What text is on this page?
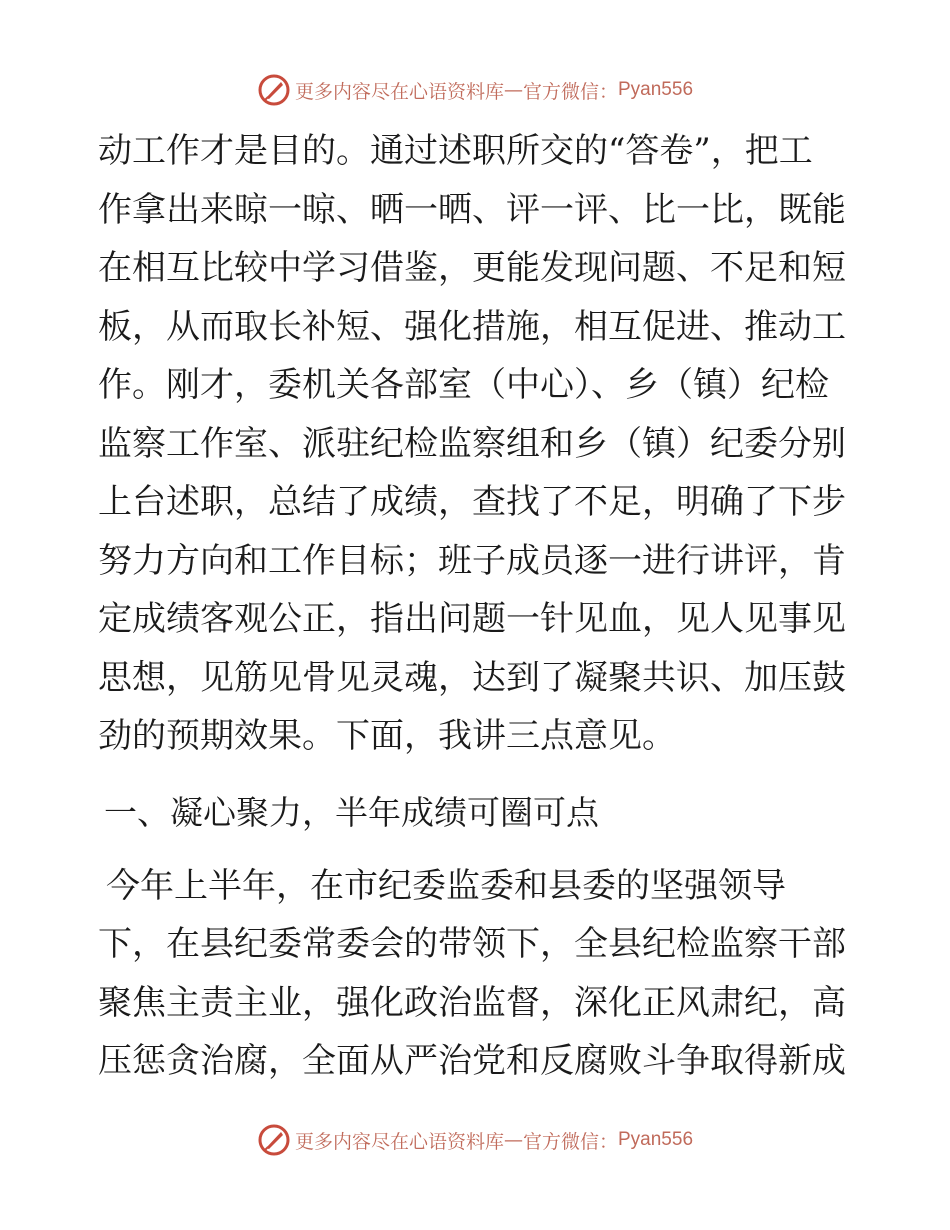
更多内容尽在心语资料库 — 官方微信： Pyan556
动工作才是目的。通过述职所交的“答卷”，把工
作拿出来晾一晾、晒一晒、评一评、比一比，既能
在相互比较中学习借鉴，更能发现问题、不足和短
板，从而取长补短、强化措施，相互促进、推动工
作。刚才，委机关各部室（中心）、乡（镇）纪检
监察工作室、派驻纪检监察组和乡（镇）纪委分别
上台述职，总结了成绩，查找了不足，明确了下步
努力方向和工作目标；班子成员逐一进行讲评，肯
定成绩客观公正，指出问题一针见血，见人见事见
思想，见筋见骨见灵魂，达到了凝聚共识、加压鼓
劲的预期效果。下面，我讲三点意见。
一、凝心聚力，半年成绩可圈可点
今年上半年，在市纪委监委和县委的坚强领导
下，在县纪委常委会的带领下，全县纪检监察干部
聚焦主责主业，强化政治监督，深化正风肃纪，高
压惩贪治腐，全面从严治党和反腐败斗争取得新成
更多内容尽在心语资料库 — 官方微信： Pyan556
